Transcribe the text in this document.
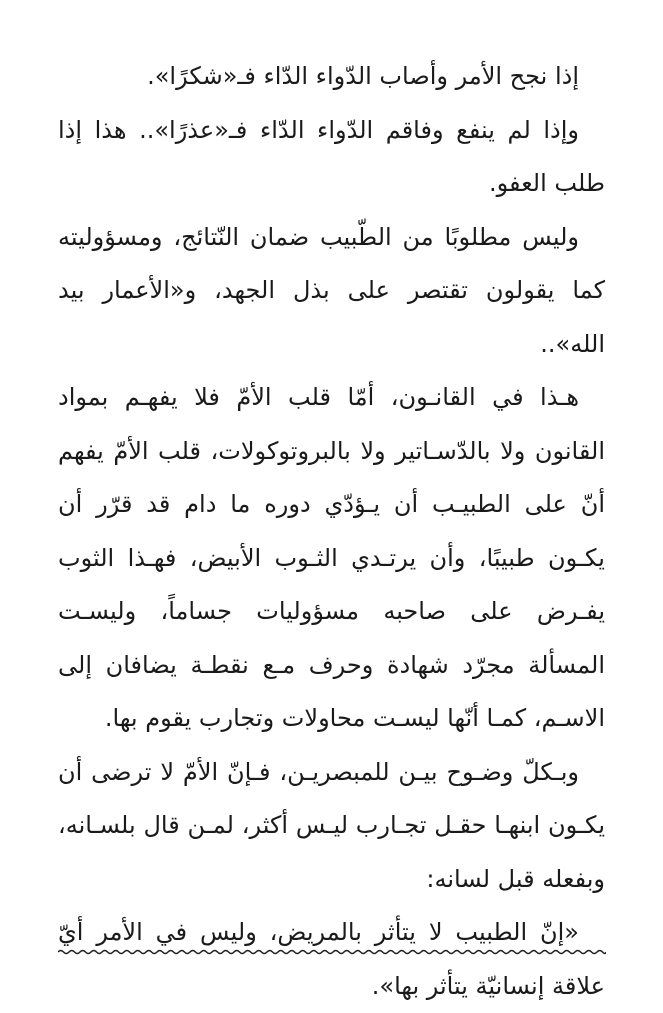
إذا نجح الأمر وأصاب الدّواء الدّاء فـ«شكرًا».

وإذا لم ينفع وفاقم الدّواء الدّاء فـ«عذرًا».. هذا إذا طلب العفو.

وليس مطلوبًا من الطّبيب ضمان النّتائج، ومسؤوليته كما يقولون تقتصر على بذل الجهد، و«الأعمار بيد الله»..

هـذا في القانـون، أمّا قلب الأمّ فلا يفهـم بمواد القانون ولا بالدّسـاتير ولا بالبروتوكولات، قلب الأمّ يفهم أنّ على الطبيـب أن يـؤدّي دوره ما دام قد قرّر أن يكـون طبيبًا، وأن يرتـدي الثـوب الأبيض، فهـذا الثوب يفـرض على صاحبه مسؤوليات جساماً، وليسـت المسألة مجرّد شهادة وحرف مـع نقطـة يضافان إلى الاسـم، كمـا أنّها ليسـت محاولات وتجارب يقوم بها.

وبـكلّ وضـوح بيـن للمبصريـن، فـإنّ الأمّ لا ترضى أن يكـون ابنهـا حقـل تجـارب ليـس أكثر، لمـن قال بلسـانه، وبفعله قبل لسانه:

«إنّ الطبيب لا يتأثر بالمريض، وليس في الأمر أيّ علاقة إنسانيّة يتأثر بها».
